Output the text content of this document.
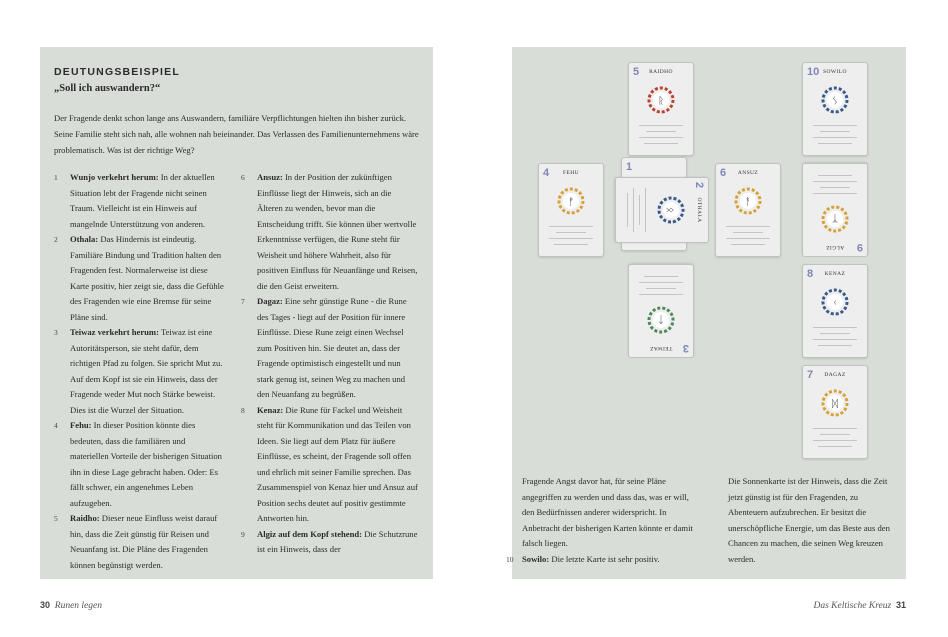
DEUTUNGSBEISPIEL
„Soll ich auswandern?“

Der Fragende denkt schon lange ans Auswandern, familiäre Verpflichtungen hielten ihn bisher zurück. Seine Familie steht sich nah, alle wohnen nah beieinander. Das Verlassen des Familienunternehmens wäre problematisch. Was ist der richtige Weg?

1 Wunjo verkehrt herum: In der aktuellen Situation lebt der Fragende nicht seinen Traum. Vielleicht ist ein Hinweis auf mangelnde Unterstützung von anderen.
2 Othala: Das Hindernis ist eindeutig. Familiäre Bindung und Tradition halten den Fragenden fest. Normalerweise ist diese Karte positiv, hier zeigt sie, dass die Gefühle des Fragenden wie eine Bremse für seine Pläne sind.
3 Teiwaz verkehrt herum: Teiwaz ist eine Autoritätsperson, sie steht dafür, dem richtigen Pfad zu folgen. Sie spricht Mut zu. Auf dem Kopf ist sie ein Hinweis, dass der Fragende weder Mut noch Stärke beweist. Dies ist die Wurzel der Situation.
4 Fehu: In dieser Position könnte dies bedeuten, dass die familiären und materiellen Vorteile der bisherigen Situation ihn in diese Lage gebracht haben. Oder: Es fällt schwer, ein angenehmes Leben aufzugeben.
5 Raidho: Dieser neue Einfluss weist darauf hin, dass die Zeit günstig für Reisen und Neuanfang ist. Die Pläne des Fragenden können begünstigt werden.
6 Ansuz: In der Position der zukünftigen Einflüsse liegt der Hinweis, sich an die Älteren zu wenden, bevor man die Entscheidung trifft. Sie können über wertvolle Erkenntnisse verfügen, die Rune steht für Weisheit und höhere Wahrheit, also für positiven Einfluss für Neuanfänge und Reisen, die den Geist erweitern.
7 Dagaz: Eine sehr günstige Rune - die Rune des Tages - liegt auf der Position für innere Einflüsse. Diese Rune zeigt einen Wechsel zum Positiven hin. Sie deutet an, dass der Fragende optimistisch eingestellt und nun stark genug ist, seinen Weg zu machen und den Neuanfang zu begrüßen.
8 Kenaz: Die Rune für Fackel und Weisheit steht für Kommunikation und das Teilen von Ideen. Sie liegt auf dem Platz für äußere Einflüsse, es scheint, der Fragende soll offen und ehrlich mit seiner Familie sprechen. Das Zusammenspiel von Kenaz hier und Ansuz auf Position sechs deutet auf positiv gestimmte Antworten hin.
9 Algiz auf dem Kopf stehend: Die Schutzrune ist ein Hinweis, dass der

Fragende Angst davor hat, für seine Pläne angegriffen zu werden und dass das, was er will, den Bedürfnissen anderer widerspricht. In Anbetracht der bisherigen Karten könnte er damit falsch liegen.

10 Sowilo: Die letzte Karte ist sehr positiv.

Die Sonnenkarte ist der Hinweis, dass die Zeit jetzt günstig ist für den Fragenden, zu Abenteuern aufzubrechen. Er besitzt die unerschöpfliche Energie, um das Beste aus den Chancen zu machen, die seinen Weg kreuzen werden.

5	RAIDHO
ᚱ
10 SOWILO
ᛊ
4	FEHU
ᚠ
1
2
OTHALA
ᛟ
6	ANSUZ
ᚨ
9
ALGIZ
ᛉ
3
TEIWAZ
ᛏ
8	KENAZ
ᚲ
7	DAGAZ
ᛞ
30 Runen legen	Das Keltische Kreuz 31
